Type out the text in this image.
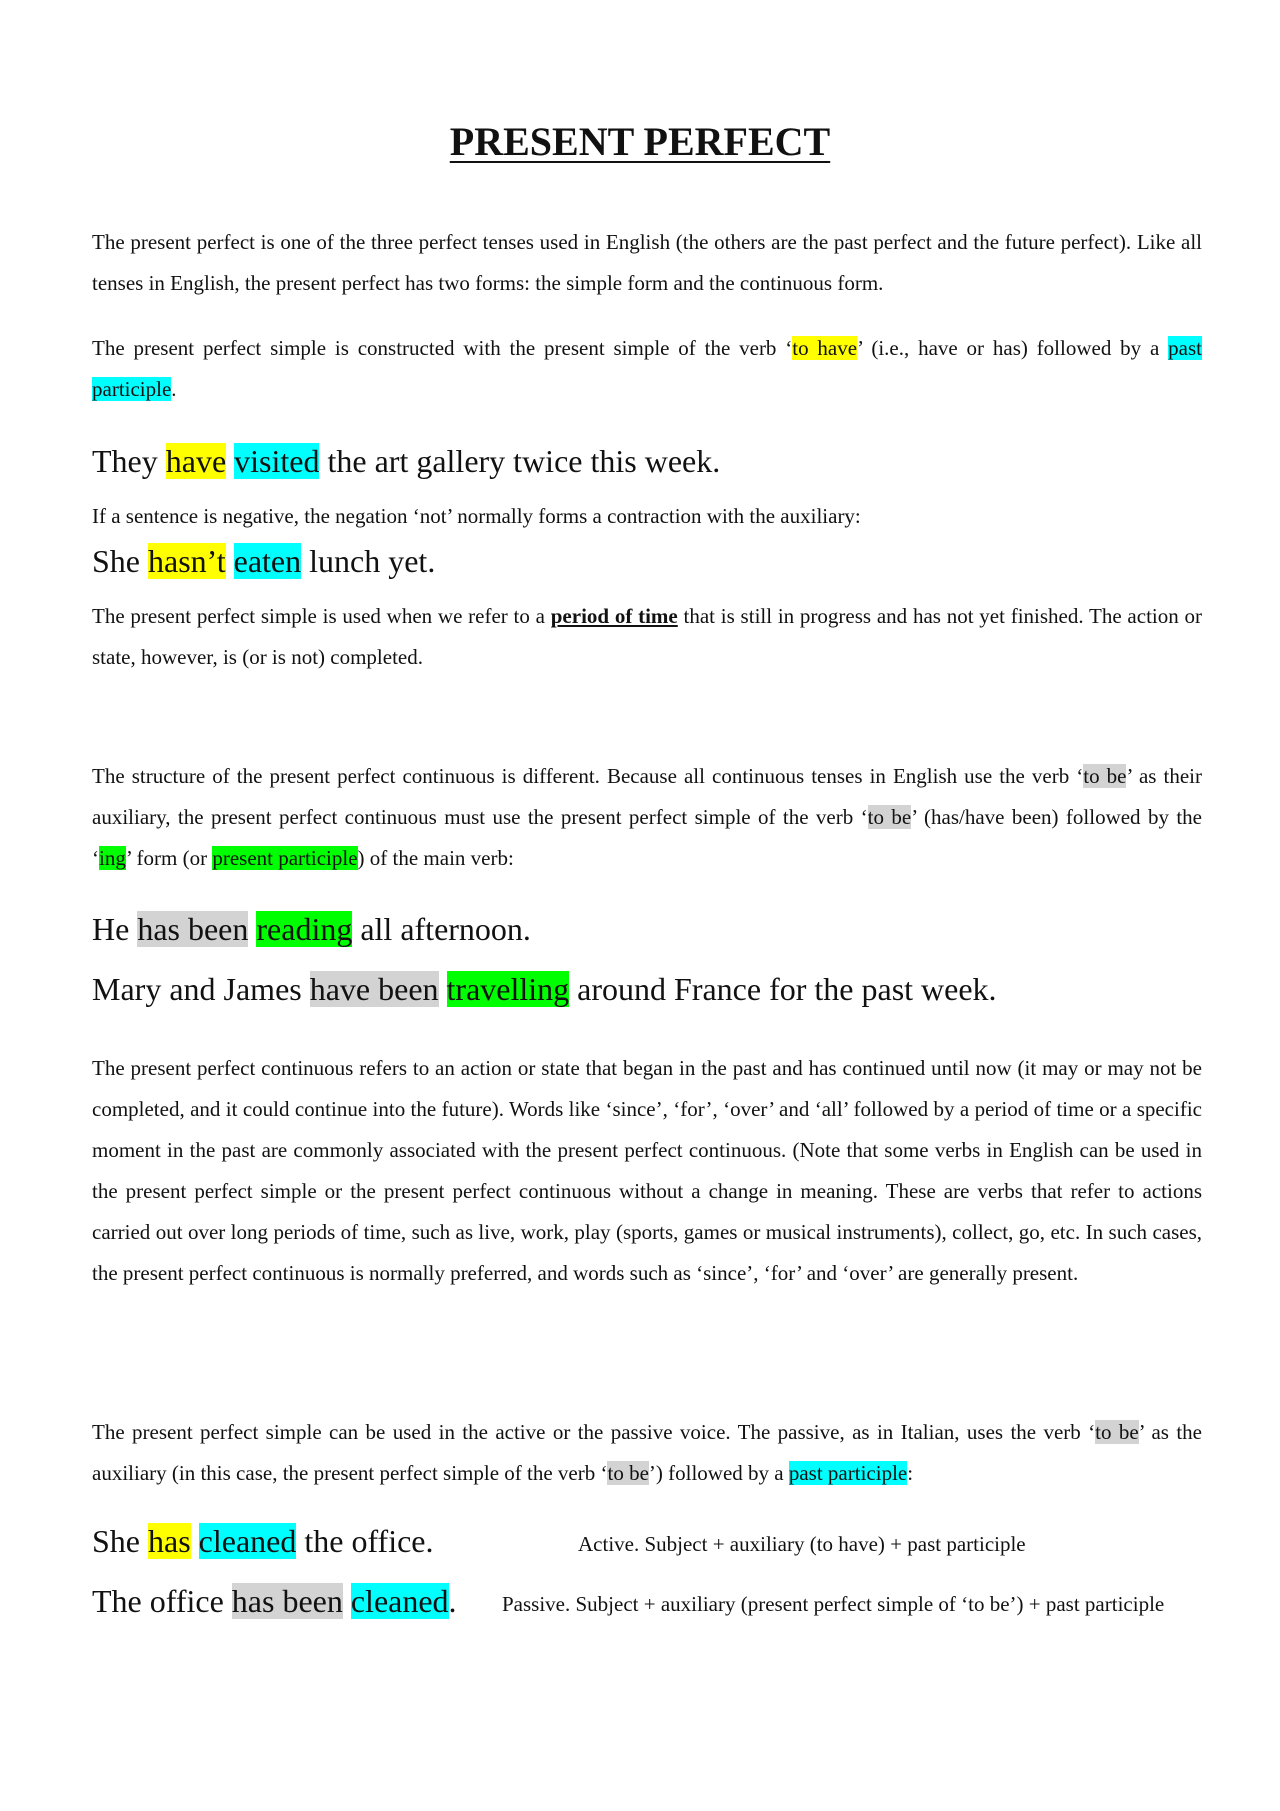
PRESENT PERFECT

The present perfect is one of the three perfect tenses used in English (the others are the past perfect and the future perfect). Like all tenses in English, the present perfect has two forms: the simple form and the continuous form.

The present perfect simple is constructed with the present simple of the verb ‘to have’ (i.e., have or has) followed by a past participle.

They have visited the art gallery twice this week.

If a sentence is negative, the negation ‘not’ normally forms a contraction with the auxiliary:

She hasn’t eaten lunch yet.

The present perfect simple is used when we refer to a period of time that is still in progress and has not yet finished. The action or state, however, is (or is not) completed.

The structure of the present perfect continuous is different. Because all continuous tenses in English use the verb ‘to be’ as their auxiliary, the present perfect continuous must use the present perfect simple of the verb ‘to be’ (has/have been) followed by the ‘ing’ form (or present participle) of the main verb:

He has been reading all afternoon.

Mary and James have been travelling around France for the past week.

The present perfect continuous refers to an action or state that began in the past and has continued until now (it may or may not be completed, and it could continue into the future). Words like ‘since’, ‘for’, ‘over’ and ‘all’ followed by a period of time or a specific moment in the past are commonly associated with the present perfect continuous. (Note that some verbs in English can be used in the present perfect simple or the present perfect continuous without a change in meaning. These are verbs that refer to actions carried out over long periods of time, such as live, work, play (sports, games or musical instruments), collect, go, etc. In such cases, the present perfect continuous is normally preferred, and words such as ‘since’, ‘for’ and ‘over’ are generally present.

The present perfect simple can be used in the active or the passive voice. The passive, as in Italian, uses the verb ‘to be’ as the auxiliary (in this case, the present perfect simple of the verb ‘to be’) followed by a past participle:

She has cleaned the office.	Active. Subject + auxiliary (to have) + past participle

The office has been cleaned.	Passive. Subject + auxiliary (present perfect simple of ‘to be’) + past participle
